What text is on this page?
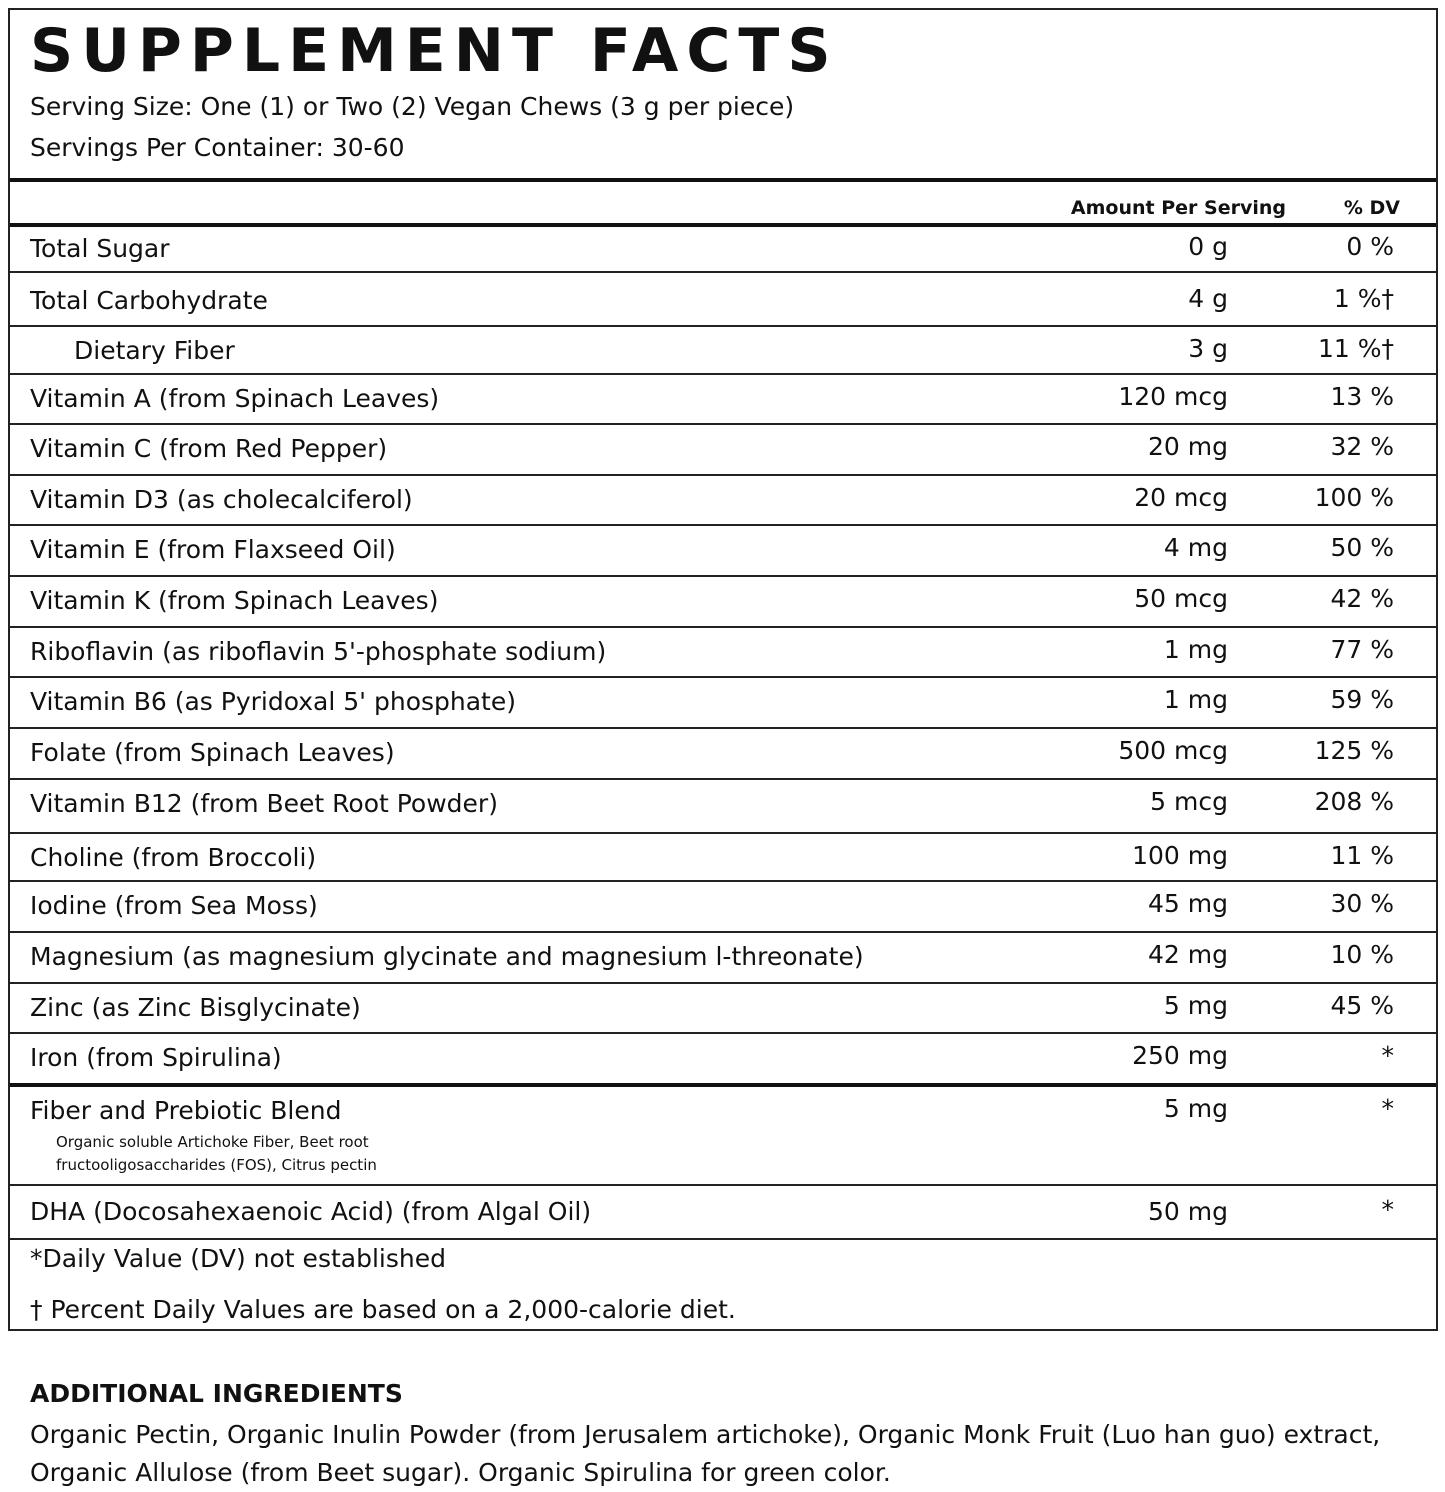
SUPPLEMENT FACTS
Serving Size: One (1) or Two (2) Vegan Chews (3 g per piece)
Servings Per Container: 30-60
Amount Per Serving	% DV
Total Sugar	0 g	0 %
Total Carbohydrate	4 g	1 %†
Dietary Fiber	3 g	11 %†
Vitamin A (from Spinach Leaves)	120 mcg	13 %
Vitamin C (from Red Pepper)	20 mg	32 %
Vitamin D3 (as cholecalciferol)	20 mcg	100 %
Vitamin E (from Flaxseed Oil)	4 mg	50 %
Vitamin K (from Spinach Leaves)	50 mcg	42 %
Riboflavin (as riboflavin 5'-phosphate sodium)	1 mg	77 %
Vitamin B6 (as Pyridoxal 5' phosphate)	1 mg	59 %
Folate (from Spinach Leaves)	500 mcg	125 %
Vitamin B12 (from Beet Root Powder)	5 mcg	208 %
Choline (from Broccoli)	100 mg	11 %
Iodine (from Sea Moss)	45 mg	30 %
Magnesium (as magnesium glycinate and magnesium l-threonate)	42 mg	10 %
Zinc (as Zinc Bisglycinate)	5 mg	45 %
Iron (from Spirulina)	250 mg	*
Fiber and Prebiotic Blend	5 mg	*
Organic soluble Artichoke Fiber, Beet root
fructooligosaccharides (FOS), Citrus pectin
DHA (Docosahexaenoic Acid) (from Algal Oil)	50 mg	*
*Daily Value (DV) not established
† Percent Daily Values are based on a 2,000-calorie diet.
ADDITIONAL INGREDIENTS
Organic Pectin, Organic Inulin Powder (from Jerusalem artichoke), Organic Monk Fruit (Luo han guo) extract, Organic Allulose (from Beet sugar). Organic Spirulina for green color.
